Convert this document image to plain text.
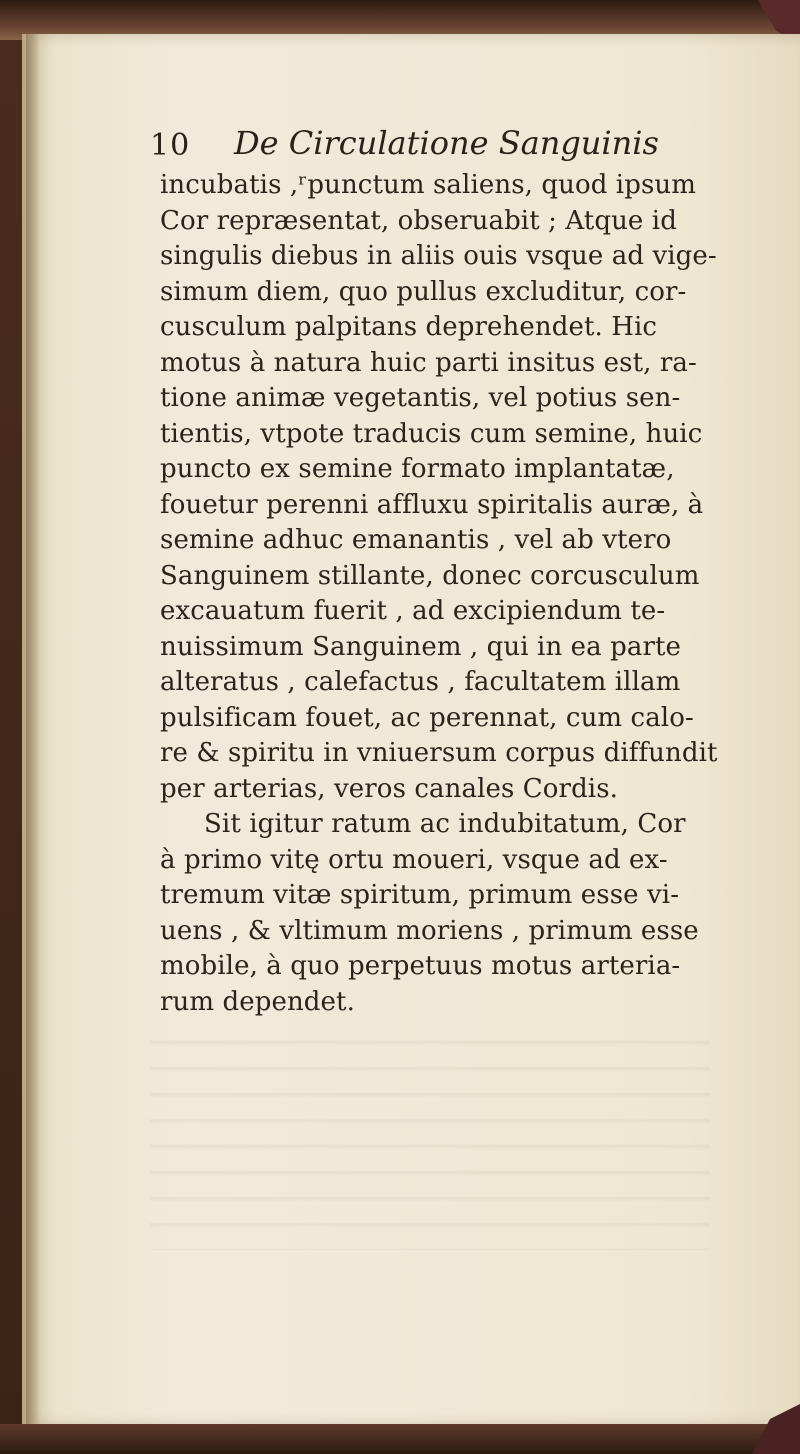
10 De Circulatione Sanguinis
incubatis ,ʳpunctum saliens, quod ipsum
Cor repræsentat, obseruabit ; Atque id
singulis diebus in aliis ouis vsque ad vige-
simum diem, quo pullus excluditur, cor-
cusculum palpitans deprehendet. Hic
motus à natura huic parti insitus est, ra-
tione animæ vegetantis, vel potius sen-
tientis, vtpote traducis cum semine, huic
puncto ex semine formato implantatæ,
fouetur perenni affluxu spiritalis auræ, à
semine adhuc emanantis , vel ab vtero
Sanguinem stillante, donec corcusculum
excauatum fuerit , ad excipiendum te-
nuissimum Sanguinem , qui in ea parte
alteratus , calefactus , facultatem illam
pulsificam fouet, ac perennat, cum calo-
re & spiritu in vniuersum corpus diffundit
per arterias, veros canales Cordis.
Sit igitur ratum ac indubitatum, Cor
à primo vitę ortu moueri, vsque ad ex-
tremum vitæ spiritum, primum esse vi-
uens , & vltimum moriens , primum esse
mobile, à quo perpetuus motus arteria-
rum dependet.
